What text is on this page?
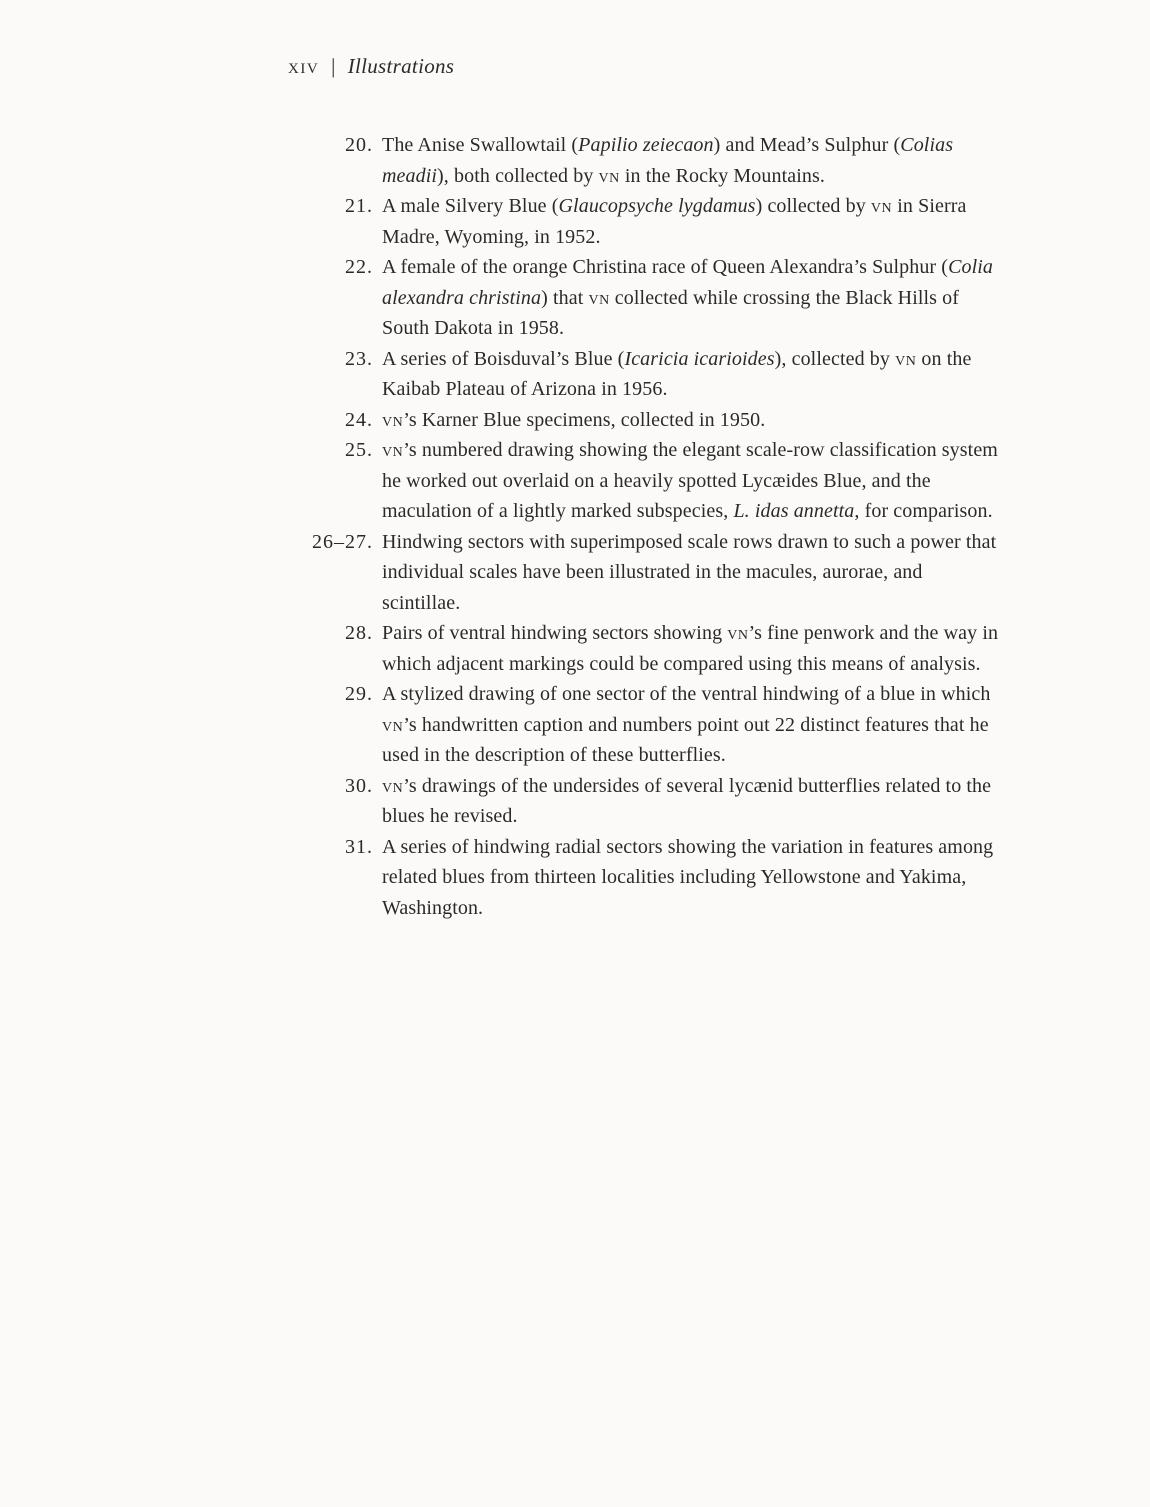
xiv | Illustrations
20. The Anise Swallowtail (Papilio zeiecaon) and Mead’s Sulphur (Colias meadii), both collected by vn in the Rocky Mountains.
21. A male Silvery Blue (Glaucopsyche lygdamus) collected by vn in Sierra Madre, Wyoming, in 1952.
22. A female of the orange Christina race of Queen Alexandra’s Sulphur (Colia alexandra christina) that vn collected while crossing the Black Hills of South Dakota in 1958.
23. A series of Boisduval’s Blue (Icaricia icarioides), collected by vn on the Kaibab Plateau of Arizona in 1956.
24. vn’s Karner Blue specimens, collected in 1950.
25. vn’s numbered drawing showing the elegant scale-row classification system he worked out overlaid on a heavily spotted Lycæides Blue, and the maculation of a lightly marked subspecies, L. idas annetta, for comparison.
26–27. Hindwing sectors with superimposed scale rows drawn to such a power that individual scales have been illustrated in the macules, aurorae, and scintillae.
28. Pairs of ventral hindwing sectors showing vn’s fine penwork and the way in which adjacent markings could be compared using this means of analysis.
29. A stylized drawing of one sector of the ventral hindwing of a blue in which vn’s handwritten caption and numbers point out 22 distinct features that he used in the description of these butterflies.
30. vn’s drawings of the undersides of several lycænid butterflies related to the blues he revised.
31. A series of hindwing radial sectors showing the variation in features among related blues from thirteen localities including Yellowstone and Yakima, Washington.
